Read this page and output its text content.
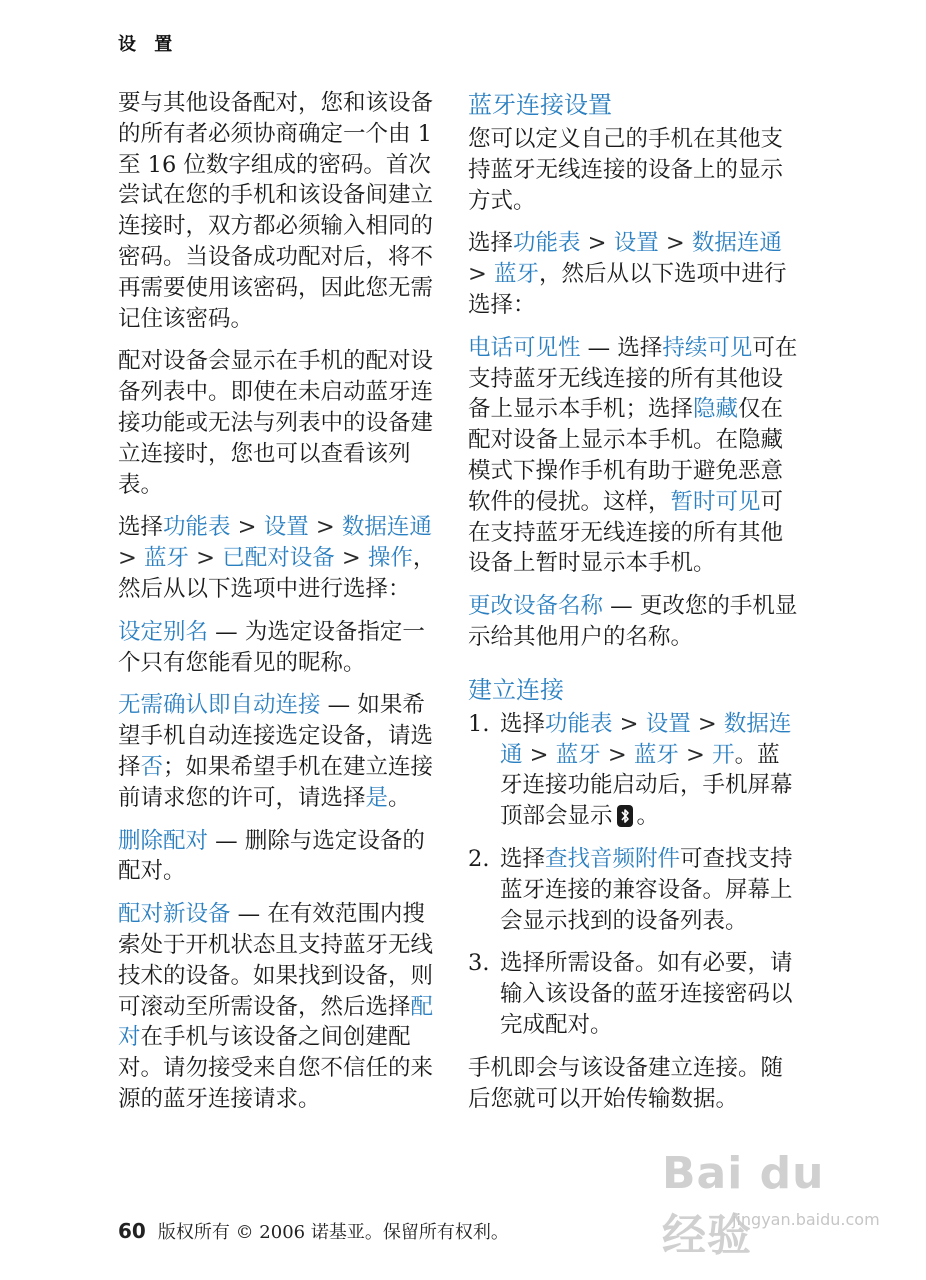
设 置

要与其他设备配对，您和该设备的所有者必须协商确定一个由 1 至 16 位数字组成的密码。首次尝试在您的手机和该设备间建立连接时，双方都必须输入相同的密码。当设备成功配对后，将不再需要使用该密码，因此您无需记住该密码。

配对设备会显示在手机的配对设备列表中。即使在未启动蓝牙连接功能或无法与列表中的设备建立连接时，您也可以查看该列表。

选择功能表 > 设置 > 数据连通 > 蓝牙 > 已配对设备 > 操作，然后从以下选项中进行选择：

设定别名 — 为选定设备指定一个只有您能看见的昵称。

无需确认即自动连接 — 如果希望手机自动连接选定设备，请选择否；如果希望手机在建立连接前请求您的许可，请选择是。

删除配对 — 删除与选定设备的配对。

配对新设备 — 在有效范围内搜索处于开机状态且支持蓝牙无线技术的设备。如果找到设备，则可滚动至所需设备，然后选择配对在手机与该设备之间创建配对。请勿接受来自您不信任的来源的蓝牙连接请求。

蓝牙连接设置

您可以定义自己的手机在其他支持蓝牙无线连接的设备上的显示方式。

选择功能表 > 设置 > 数据连通 > 蓝牙，然后从以下选项中进行选择：

电话可见性 — 选择持续可见可在支持蓝牙无线连接的所有其他设备上显示本手机；选择隐藏仅在配对设备上显示本手机。在隐藏模式下操作手机有助于避免恶意软件的侵扰。这样，暂时可见可在支持蓝牙无线连接的所有其他设备上暂时显示本手机。

更改设备名称 — 更改您的手机显示给其他用户的名称。

建立连接
1. 选择功能表 > 设置 > 数据连通 > 蓝牙 > 蓝牙 > 开。蓝牙连接功能启动后，手机屏幕顶部会显示 。
2. 选择查找音频附件可查找支持蓝牙连接的兼容设备。屏幕上会显示找到的设备列表。
3. 选择所需设备。如有必要，请输入该设备的蓝牙连接密码以完成配对。

手机即会与该设备建立连接。随后您就可以开始传输数据。

60 版权所有 © 2006 诺基亚。保留所有权利。
Bai du 经验
jingyan.baidu.com
